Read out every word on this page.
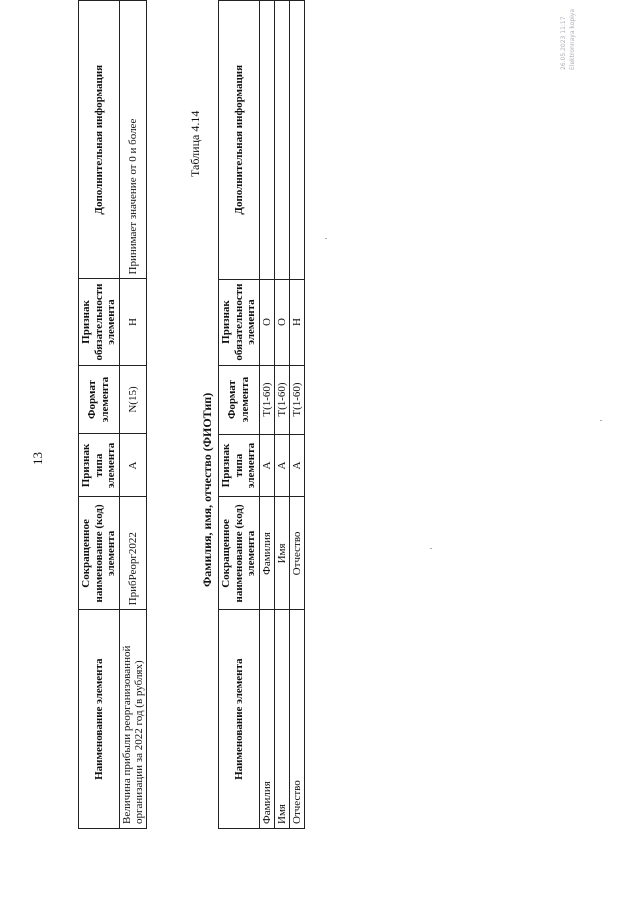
13
Наименование элемента	Сокращенное наименование (код) элемента	Признак типа элемента	Формат элемента	Признак обязательности элемента	Дополнительная информация
Величина прибыли реорганизованной организации за 2022 год (в рублях)	ПрибРеорг2022	А	N(15)	Н	Принимает значение от 0 и более	Таблица 4.14
Фамилия, имя, отчество (ФИОТип)
Наименование элемента	Сокращенное наименование (код) элемента	Признак типа элемента	Формат элемента	Признак обязательности элемента	Дополнительная информация
Фамилия	Фамилия	А	T(1-60)	О	
Имя	Имя	А	T(1-60)	О	
Отчество	Отчество	А	T(1-60)	Н	
26.05.2023 11:17 Elektronnaya kopiya
